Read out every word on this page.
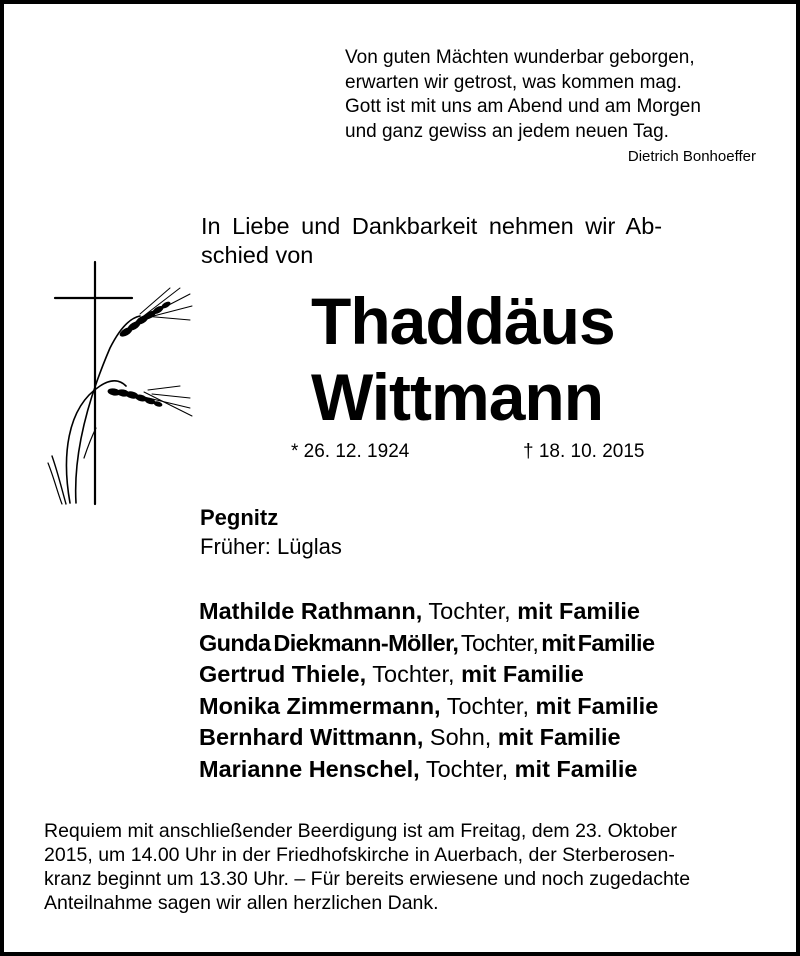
Von guten Mächten wunderbar geborgen,
erwarten wir getrost, was kommen mag.
Gott ist mit uns am Abend und am Morgen
und ganz gewiss an jedem neuen Tag.
Dietrich Bonhoeffer
In Liebe und Dankbarkeit nehmen wir Ab-
schied von
Thaddäus
Wittmann
* 26. 12. 1924	† 18. 10. 2015
Pegnitz
Früher: Lüglas
Mathilde Rathmann, Tochter, mit Familie
Gunda Diekmann-Möller, Tochter, mit Familie
Gertrud Thiele, Tochter, mit Familie
Monika Zimmermann, Tochter, mit Familie
Bernhard Wittmann, Sohn, mit Familie
Marianne Henschel, Tochter, mit Familie
Requiem mit anschließender Beerdigung ist am Freitag, dem 23. Oktober
2015, um 14.00 Uhr in der Friedhofskirche in Auerbach, der Sterberosen-
kranz beginnt um 13.30 Uhr. – Für bereits erwiesene und noch zugedachte
Anteilnahme sagen wir allen herzlichen Dank.
